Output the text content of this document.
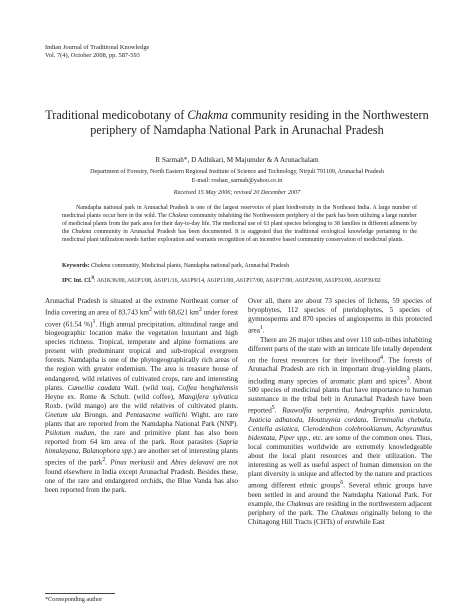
Indian Journal of Traditional Knowledge
Vol. 7(4), October 2008, pp. 587-593
Traditional medicobotany of Chakma community residing in the Northwestern periphery of Namdapha National Park in Arunachal Pradesh
R Sarmah*, D Adhikari, M Majumder & A Arunachalam
Department of Forestry, North Eastern Regional Institute of Science and Technology, Nirjuli 791109, Arunachal Pradesh
E-mail: roshan_sarmah@yahoo.co.in
Received 15 May 2006; revised 20 December 2007
Namdapha national park in Arunachal Pradesh is one of the largest reservoirs of plant biodiversity in the Northeast India. A large number of medicinal plants occur here in the wild. The Chakma community inhabiting the Northwestern periphery of the park has been utilizing a large number of medicinal plants from the park area for their day-to-day life. The medicinal use of 63 plant species belonging to 38 families in different ailments by the Chakma community in Arunachal Pradesh has been documented. It is suggested that the traditional ecological knowledge pertaining to the medicinal plant utilization needs further exploration and warrants recognition of an incentive based community conservation of medicinal plants.
Keywords: Chakma community, Medicinal plants, Namdapha national park, Arunachal Pradesh
IPC Int. Cl.$^8$: A61K36/00, A61P1/08, A61P1/16, A61P9/14, A61P11/00, A61P17/00, A61P17/00, A61P29/00, A61P31/00, A61P39/02

Arunachal Pradesh is situated at the extreme Northeast corner of India covering an area of 83,743 $km^2$ with 68,621 $km^2$ under forest cover (61.54 %)$^1$. High annual precipitation, altitudinal range and biogeographic location make the vegetation luxuriant and high species richness. Tropical, temperate and alpine formations are present with predominant tropical and sub-tropical evergreen forests. Namdapha is one of the phytogeographically rich areas of the region with greater endemism. The area is treasure house of endangered, wild relatives of cultivated crops, rare and interesting plants. Camellia caudata Wall. (wild tea), Coffea benghalensis Heyne ex. Rome & Schult. (wild coffee), Mangifera sylvatica Roxb. (wild mango) are the wild relatives of cultivated plants. Gnetum ula Brongn. and Pentasacme wallichi Wight. are rare plants that are reported from the Namdapha National Park (NNP). Psilotum nudum, the rare and primitive plant has also been reported from 64 km area of the park. Root parasites (Sapria himalayana, Balanophora spp.) are another set of interesting plants species of the park$^2$. Pinus merkusii and Abies delavavi are not found elsewhere in India except Arunachal Pradesh. Besides these, one of the rare and endangered orchids, the Blue Vanda has also been reported from the park.

Over all, there are about 73 species of lichens, 59 species of bryophytes, 112 species of pteridophytes, 5 species of gymnosperms and 870 species of angiosperms in this protected area$^1$.

There are 26 major tribes and over 110 sub-tribes inhabiting different parts of the state with an intricate life totally dependent on the forest resources for their livelihood$^4$. The forests of Arunachal Pradesh are rich in important drug-yielding plants, including many species of aromatic plant and spices$^3$. About 500 species of medicinal plants that have importance to human sustenance in the tribal belt in Arunachal Pradesh have been reported$^5$. Rauwolfia serpentina, Andrographis paniculata, Juaticia adhatoda, Houttuynia cordata, Terminalia chebula, Centella asiatica, Clerodendron colebrookianum, Achyranthus bidentata, Piper spp., etc. are some of the common ones. Thus, local communities worldwide are extremely knowledgeable about the local plant resources and their utilization. The interesting as well as useful aspect of human dimension on the plant diversity is unique and affected by the nature and practices among different ethnic groups$^6$. Several ethnic groups have been settled in and around the Namdapha National Park. For example, the Chakmas are residing in the northwestern adjacent periphery of the park. The Chakmas originally belong to the Chittagong Hill Tracts (CHTs) of erstwhile East

*Corresponding author
